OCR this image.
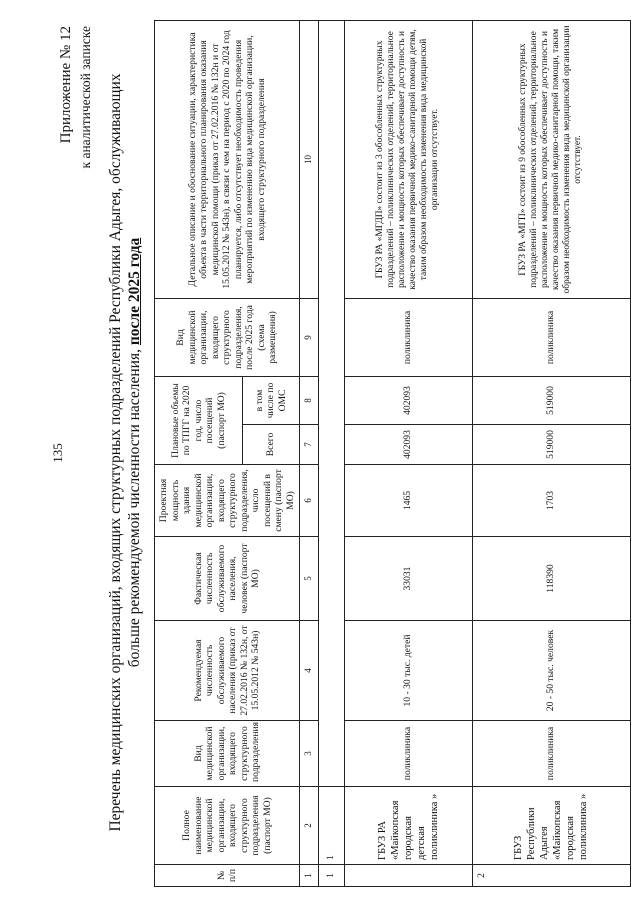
135
Приложение № 12 к аналитической записке Перечень медицинских организаций, входящих структурных подразделений Республики Адыгея, обслуживающих больше рекомендуемой численности населения, после 2025 года
№ п/п	Полное наименование медицинской организации, входящего структурного подразделения (паспорт МО)	Вид медицинской организации, входящего структурного подразделения	Рекомендуемая численность обслуживаемого населения (приказ от 27.02.2016 № 132н, от 15.05.2012 № 543н)	Фактическая численность обслуживаемого населения, человек (паспорт МО)	Проектная мощность здания медицинской организации, входящего структурного подразделения, число посещений в смену (паспорт МО)	Плановые объемы по ТПГГ на 2020 год, число посещений (паспорт МО)		Вид медицинской организации, входящего структурного подразделения, после 2025 года (схема размещения)	Детальное описание и обоснование ситуации, характеристика объекта в части территориального планирования оказания медицинской помощи (приказ от 27.02.2016 № 132н и от 15.05.2012 № 543н), в связи с чем на период с 2020 по 2024 год планируется, либо отсутствует необходимость проведения мероприятий по изменению вида медицинской организации, входящего структурного подразделения
						Всего	в том числе по ОМС		
1	2	3	4	5	6	7	8	9	10
1	1								
	ГБУЗ РА «Майкопская городская детская поликлиника »	поликлиника	10 - 30 тыс. детей	33031	1465	402093	402093	поликлиника	ГБУЗ РА «МГДП» состоит из 3 обособленных структурных подразделений – поликлинических отделений, территориальное расположение и мощность которых обеспечивает доступность и качество оказания первичной медико-санитарной помощи детям, таким образом необходимость изменения вида медицинской организации отсутствует.
2	ГБУЗ Республики Адыгея «Майкопская городская поликлиника »	поликлиника	20 - 50 тыс. человек	118390	1703	519000	519000	поликлиника	ГБУЗ РА «МГП» состоит из 9 обособленных структурных подразделений – поликлинических отделений, территориальное расположение и мощность которых обеспечивает доступность и качество оказания первичной медико-санитарной помощи, таким образом необходимость изменения вида медицинской организации отсутствует.
